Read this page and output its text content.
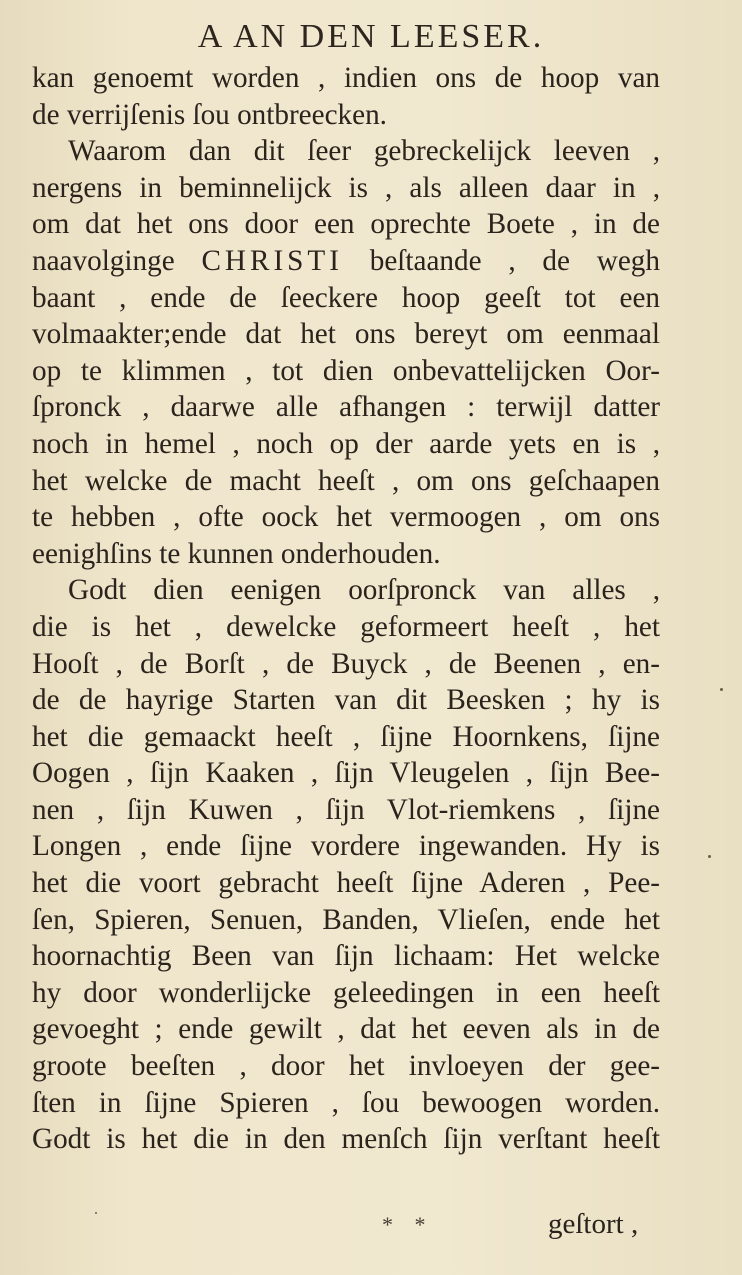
A AN DEN LEESER.
kan genoemt worden , indien ons de hoop van
de verrijſenis ſou ontbreecken.
Waarom dan dit ſeer gebreckelijck leeven ,
nergens in beminnelijck is , als alleen daar in ,
om dat het ons door een oprechte Boete , in de
naavolginge CHRISTI beſtaande , de wegh
baant , ende de ſeeckere hoop geeſt tot een
volmaakter;ende dat het ons bereyt om eenmaal
op te klimmen , tot dien onbevattelijcken Oor-
ſpronck , daarwe alle afhangen : terwijl datter
noch in hemel , noch op der aarde yets en is ,
het welcke de macht heeſt , om ons geſchaapen
te hebben , ofte oock het vermoogen , om ons
eenighſins te kunnen onderhouden.
Godt dien eenigen oorſpronck van alles ,
die is het , dewelcke geformeert heeſt , het
Hooſt , de Borſt , de Buyck , de Beenen , en-
de de hayrige Starten van dit Beesken ; hy is
het die gemaackt heeſt , ſijne Hoornkens, ſijne
Oogen , ſijn Kaaken , ſijn Vleugelen , ſijn Bee-
nen , ſijn Kuwen , ſijn Vlot-riemkens , ſijne
Longen , ende ſijne vordere ingewanden. Hy is
het die voort gebracht heeſt ſijne Aderen , Pee-
ſen, Spieren, Senuen, Banden, Vlieſen, ende het
hoornachtig Been van ſijn lichaam: Het welcke
hy door wonderlijcke geleedingen in een heeſt
gevoeght ; ende gewilt , dat het eeven als in de
groote beeſten , door het invloeyen der gee-
ſten in ſijne Spieren , ſou bewoogen worden.
Godt is het die in den menſch ſijn verſtant heeſt
* *	geſtort ,
